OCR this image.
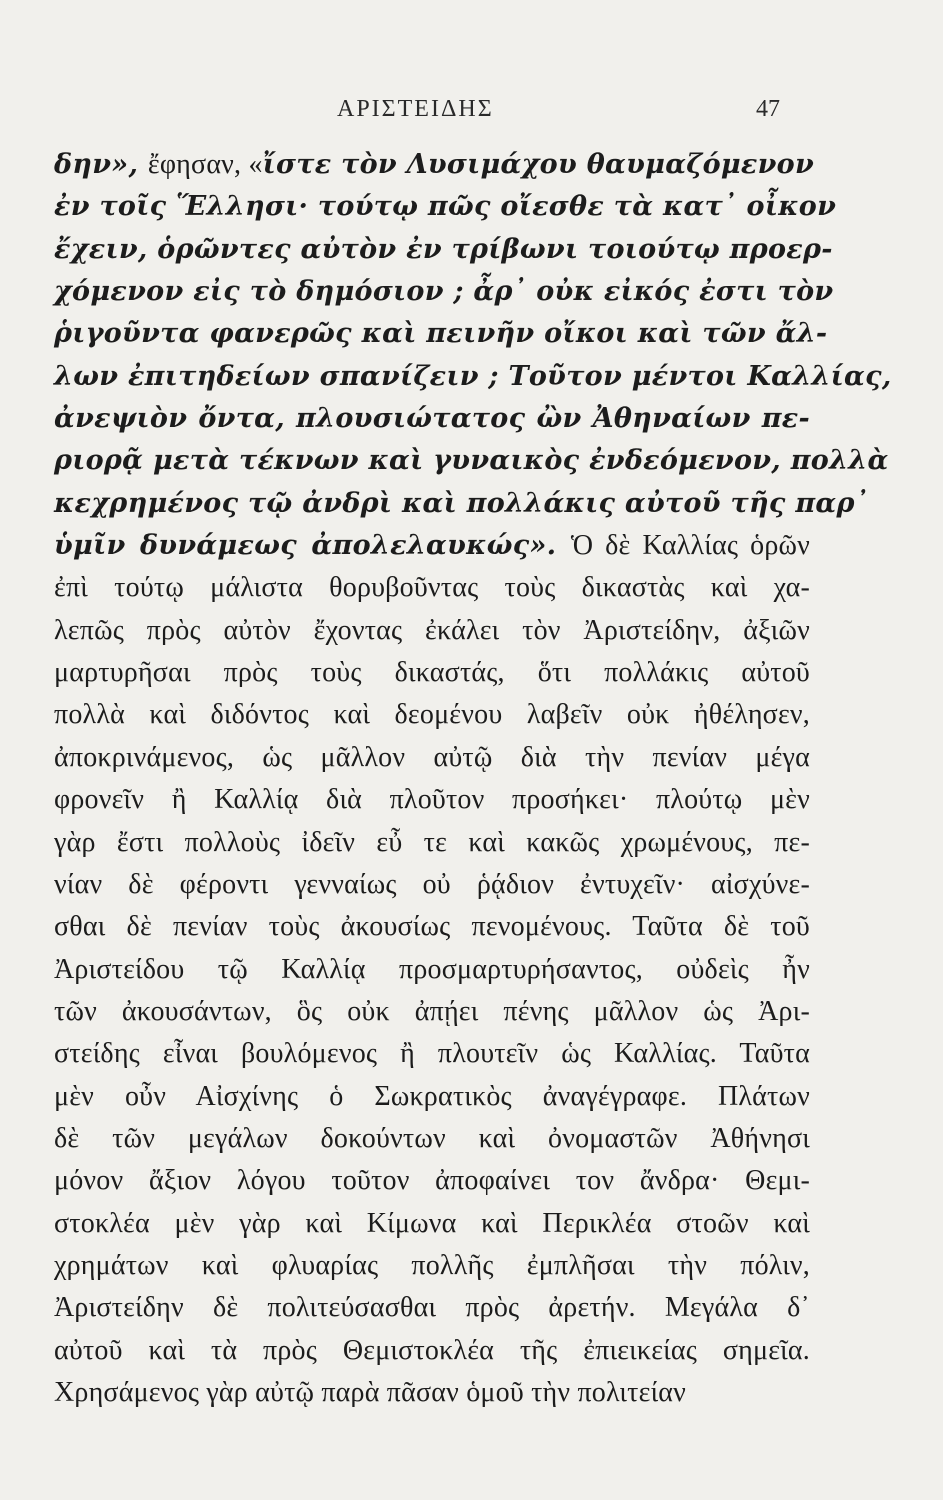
ΑΡΙΣΤΕΙΔΗΣ	47
δην», ἔφησαν, «ἴστε τὸν Λυσιμάχου θαυμαζόμενον
ἐν τοῖς Ἕλλησι· τούτῳ πῶς οἴεσθε τὰ κατ᾽ οἶκον
ἔχειν, ὁρῶντες αὐτὸν ἐν τρίβωνι τοιούτῳ προερ-
χόμενον εἰς τὸ δημόσιον ; ἆρ᾽ οὐκ εἰκός ἐστι τὸν
ῥιγοῦντα φανερῶς καὶ πεινῆν οἴκοι καὶ τῶν ἄλ-
λων ἐπιτηδείων σπανίζειν ; Τοῦτον μέντοι Καλλίας,
ἀνεψιὸν ὄντα, πλουσιώτατος ὢν Ἀθηναίων πε-
ριορᾷ μετὰ τέκνων καὶ γυναικὸς ἐνδεόμενον, πολλὰ
κεχρημένος τῷ ἀνδρὶ καὶ πολλάκις αὐτοῦ τῆς παρ᾽
ὑμῖν δυνάμεως ἀπολελαυκώς». Ὁ δὲ Καλλίας ὁρῶν
ἐπὶ τούτῳ μάλιστα θορυβοῦντας τοὺς δικαστὰς καὶ χα-
λεπῶς πρὸς αὐτὸν ἔχοντας ἐκάλει τὸν Ἀριστείδην, ἀξιῶν
μαρτυρῆσαι πρὸς τοὺς δικαστάς, ὅτι πολλάκις αὐτοῦ
πολλὰ καὶ διδόντος καὶ δεομένου λαβεῖν οὐκ ἠθέλησεν,
ἀποκρινάμενος, ὡς μᾶλλον αὐτῷ διὰ τὴν πενίαν μέγα
φρονεῖν ἢ Καλλίᾳ διὰ πλοῦτον προσήκει· πλούτῳ μὲν
γὰρ ἔστι πολλοὺς ἰδεῖν εὖ τε καὶ κακῶς χρωμένους, πε-
νίαν δὲ φέροντι γενναίως οὐ ῥᾴδιον ἐντυχεῖν· αἰσχύνε-
σθαι δὲ πενίαν τοὺς ἀκουσίως πενομένους. Ταῦτα δὲ τοῦ
Ἀριστείδου τῷ Καλλίᾳ προσμαρτυρήσαντος, οὐδεὶς ἦν
τῶν ἀκουσάντων, ὃς οὐκ ἀπῄει πένης μᾶλλον ὡς Ἀρι-
στείδης εἶναι βουλόμενος ἢ πλουτεῖν ὡς Καλλίας. Ταῦτα
μὲν οὖν Αἰσχίνης ὁ Σωκρατικὸς ἀναγέγραφε. Πλάτων
δὲ τῶν μεγάλων δοκούντων καὶ ὀνομαστῶν Ἀθήνησι
μόνον ἄξιον λόγου τοῦτον ἀποφαίνει τον ἄνδρα· Θεμι-
στοκλέα μὲν γὰρ καὶ Κίμωνα καὶ Περικλέα στοῶν καὶ
χρημάτων καὶ φλυαρίας πολλῆς ἐμπλῆσαι τὴν πόλιν,
Ἀριστείδην δὲ πολιτεύσασθαι πρὸς ἀρετήν. Μεγάλα δ᾽
αὐτοῦ καὶ τὰ πρὸς Θεμιστοκλέα τῆς ἐπιεικείας σημεῖα.
Χρησάμενος γὰρ αὐτῷ παρὰ πᾶσαν ὁμοῦ τὴν πολιτείαν
